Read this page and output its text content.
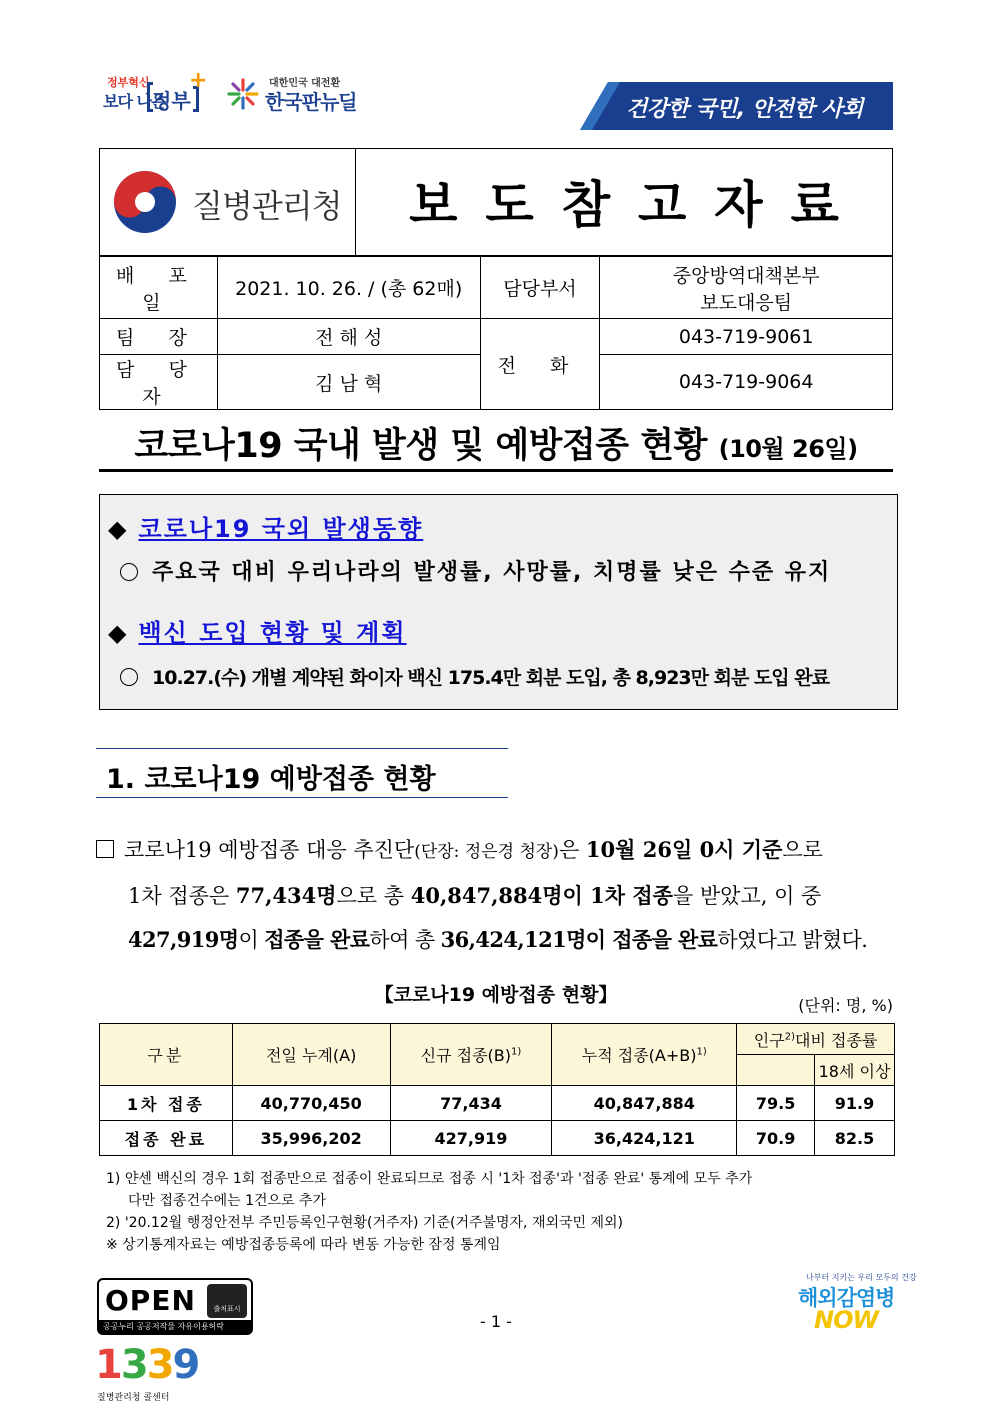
정부혁신
보다 나은
정부
+	대한민국 대전환
한국판뉴딜	건강한 국민, 안전한 사회
질병관리청	보도참고자료
배 포 일	2021. 10. 26. / (총 62매)	담당부서	중앙방역대책본부
보도대응팀

팀 장	전 해 성	전 화	043-719-9061
담 당 자	김 남 혁		043-719-9064
코로나19 국내 발생 및 예방접종 현황 (10월 26일)
◆ 코로나19 국외 발생동향
주요국 대비 우리나라의 발생률, 사망률, 치명률 낮은 수준 유지
◆ 백신 도입 현황 및 계획
10.27.(수) 개별 계약된 화이자 백신 175.4만 회분 도입, 총 8,923만 회분 도입 완료
1. 코로나19 예방접종 현황
코로나19 예방접종 대응 추진단(단장: 정은경 청장)은 10월 26일 0시 기준으로
1차 접종은 77,434명으로 총 40,847,884명이 1차 접종을 받았고, 이 중
427,919명이 접종을 완료하여 총 36,424,121명이 접종을 완료하였다고 밝혔다.
【코로나19 예방접종 현황】	(단위: 명, %)
구분	전일 누계(A)	신규 접종$(B)^{1)}$	누적 접종$(A+B)^{1)}$	인구$^{2)}$대비 접종률	
					18세 이상
1차 접종	40,770,450	77,434	40,847,884	79.5	91.9
접종 완료	35,996,202	427,919	36,424,121	70.9	82.5
1) 얀센 백신의 경우 1회 접종만으로 접종이 완료되므로 접종 시 '1차 접종'과 '접종 완료' 통계에 모두 추가
다만 접종건수에는 1건으로 추가
2) '20.12월 행정안전부 주민등록인구현황(거주자) 기준(거주불명자, 재외국민 제외)
※ 상기통계자료는 예방접종등록에 따라 변동 가능한 잠정 통계임
OPEN	출처표시
공공누리 공공저작물 자유이용허락	- 1 -
1339
질병관리청 콜센터
나부터 지키는 우리 모두의 건강
해외감염병
NOW
